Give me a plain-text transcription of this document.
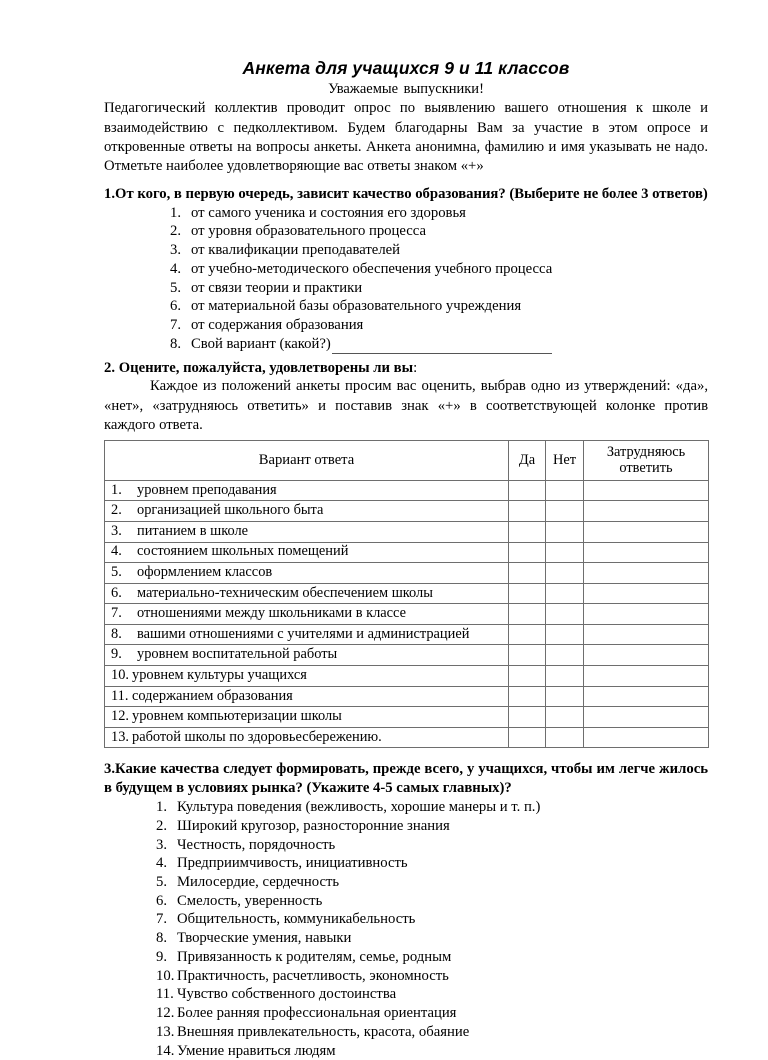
Анкета для учащихся 9 и 11 классов
Уважаемые выпускники!

Педагогический коллектив проводит опрос по выявлению вашего отношения к школе и взаимодействию с педколлективом. Будем благодарны Вам за участие в этом опросе и откровенные ответы на вопросы анкеты. Анкета анонимна, фамилию и имя указывать не надо. Отметьте наиболее удовлетворяющие вас ответы знаком «+»

1.От кого, в первую очередь, зависит качество образования? (Выберите не более 3 ответов)
1. от самого ученика и состояния его здоровья
2. от уровня образовательного процесса
3. от квалификации преподавателей
4. от учебно-методического обеспечения учебного процесса
5. от связи теории и практики
6. от материальной базы образовательного учреждения
7. от содержания образования
8. Свой вариант (какой?)
2. Оцените, пожалуйста, удовлетворены ли вы:

Каждое из положений анкеты просим вас оценить, выбрав одно из утверждений: «да», «нет», «затрудняюсь ответить» и поставив знак «+» в соответствующей колонке против каждого ответа.

Вариант ответа	Да	Нет	Затрудняюсь
ответить
1. уровнем преподавания			
2. организацией школьного быта			
3. питанием в школе			
4. состоянием школьных помещений			
5. оформлением классов			
6. материально-техническим обеспечением школы			
7. отношениями между школьниками в классе			
8. вашими отношениями с учителями и администрацией			
9. уровнем воспитательной работы			
10. уровнем культуры учащихся			
11. содержанием образования			
12. уровнем компьютеризации школы			
13. работой школы по здоровьесбережению.			
3.Какие качества следует формировать, прежде всего, у учащихся, чтобы им легче жилось в будущем в условиях рынка? (Укажите 4-5 самых главных)?
1. Культура поведения (вежливость, хорошие манеры и т. п.)
2. Широкий кругозор, разносторонние знания
3. Честность, порядочность
4. Предприимчивость, инициативность
5. Милосердие, сердечность
6. Смелость, уверенность
7. Общительность, коммуникабельность
8. Творческие умения, навыки
9. Привязанность к родителям, семье, родным
10. Практичность, расчетливость, экономность
11. Чувство собственного достоинства
12. Более ранняя профессиональная ориентация
13. Внешняя привлекательность, красота, обаяние
14. Умение нравиться людям
